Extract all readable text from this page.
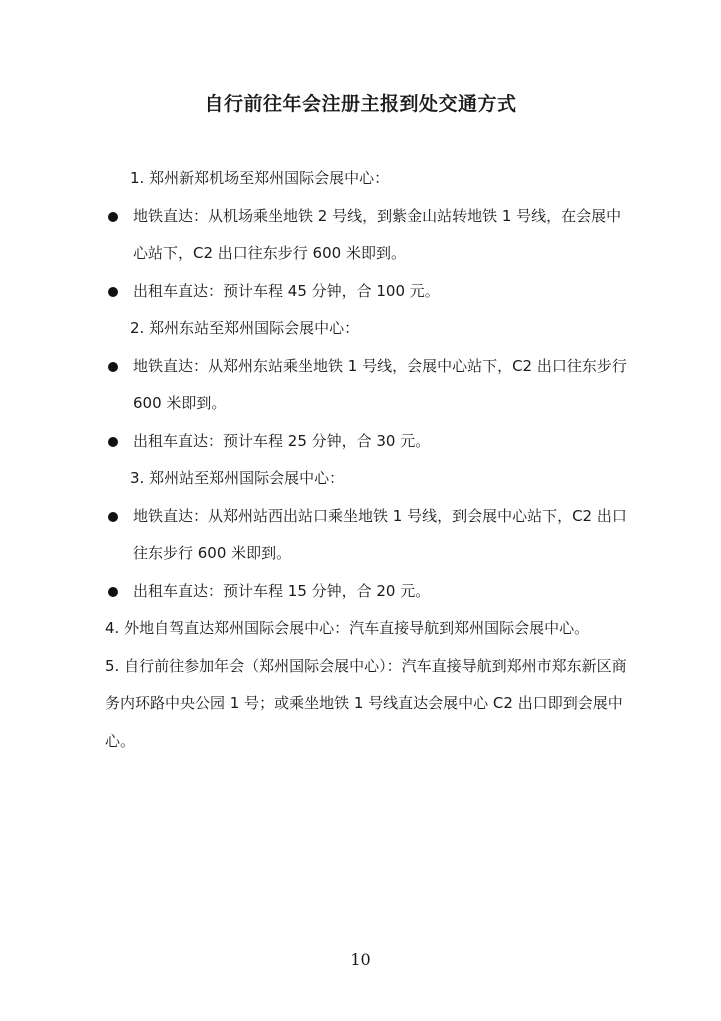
自行前往年会注册主报到处交通方式
1. 郑州新郑机场至郑州国际会展中心：
地铁直达：从机场乘坐地铁 2 号线，到紫金山站转地铁 1 号线，在会展中心站下，C2 出口往东步行 600 米即到。
出租车直达：预计车程 45 分钟，合 100 元。
2. 郑州东站至郑州国际会展中心：
地铁直达：从郑州东站乘坐地铁 1 号线，会展中心站下，C2 出口往东步行 600 米即到。
出租车直达：预计车程 25 分钟，合 30 元。
3. 郑州站至郑州国际会展中心：
地铁直达：从郑州站西出站口乘坐地铁 1 号线，到会展中心站下，C2 出口往东步行 600 米即到。
出租车直达：预计车程 15 分钟，合 20 元。
4. 外地自驾直达郑州国际会展中心：汽车直接导航到郑州国际会展中心。
5. 自行前往参加年会（郑州国际会展中心）：汽车直接导航到郑州市郑东新区商务内环路中央公园 1 号；或乘坐地铁 1 号线直达会展中心 C2 出口即到会展中心。
10
